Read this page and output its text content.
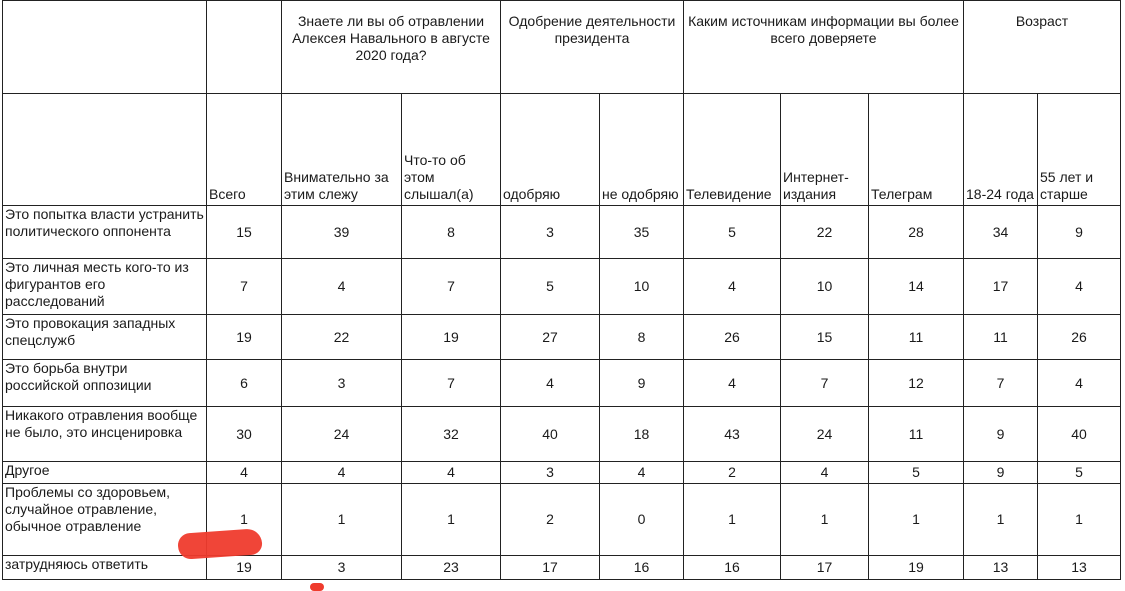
		Знаете ли вы об отравлении Алексея Навального в августе 2020 года?		Одобрение деятельности президента		Каким источникам информации вы более всего доверяете			Возраст	
	Всего	Внимательно за этим слежу	Что-то об этом слышал(а)	одобряю	не одобряю	Телевидение	Интернет-издания	Телеграм	18-24 года	55 лет и старше
Это попытка власти устранить политического оппонента	15	39	8	3	35	5	22	28	34	9
Это личная месть кого-то из фигурантов его расследований	7	4	7	5	10	4	10	14	17	4
Это провокация западных спецслужб	19	22	19	27	8	26	15	11	11	26
Это борьба внутри российской оппозиции	6	3	7	4	9	4	7	12	7	4
Никакого отравления вообще не было, это инсценировка	30	24	32	40	18	43	24	11	9	40
Другое	4	4	4	3	4	2	4	5	9	5
Проблемы со здоровьем, случайное отравление, обычное отравление	1	1	1	2	0	1	1	1	1	1
затрудняюсь ответить	19	3	23	17	16	16	17	19	13	13
